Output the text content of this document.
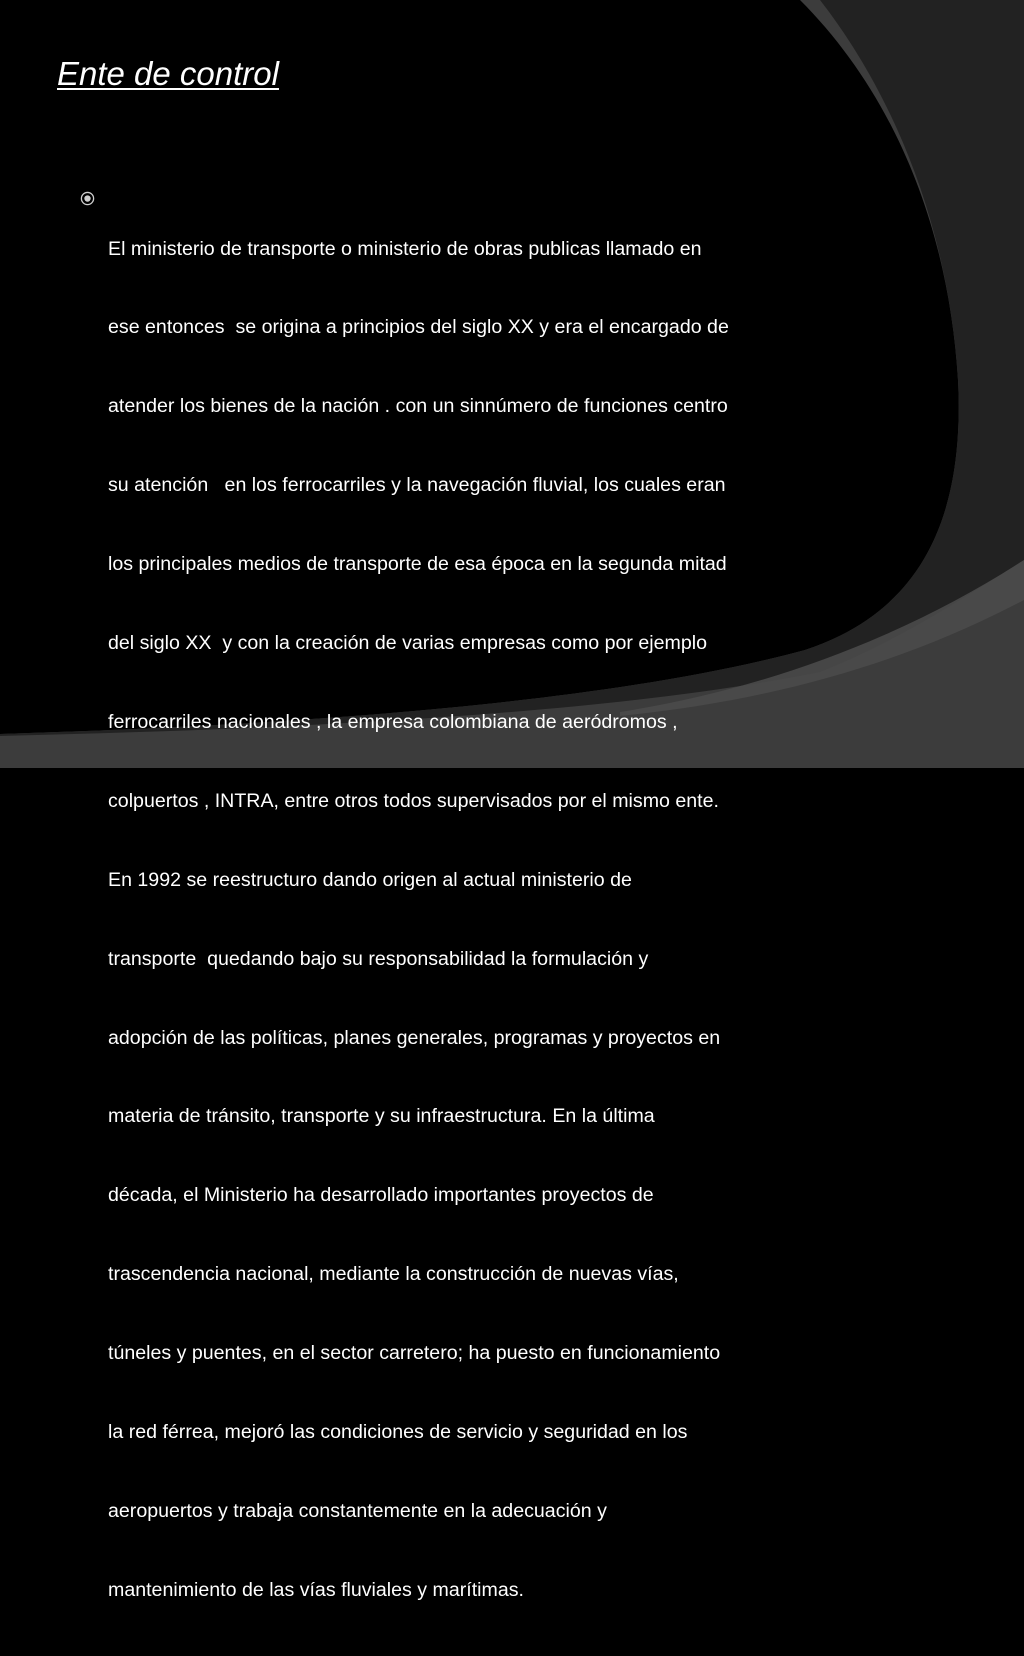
Ente de control

El ministerio de transporte o ministerio de obras publicas llamado en

ese entonces  se origina a principios del siglo XX y era el encargado de

atender los bienes de la nación . con un sinnúmero de funciones centro

su atención   en los ferrocarriles y la navegación fluvial, los cuales eran

los principales medios de transporte de esa época en la segunda mitad

del siglo XX  y con la creación de varias empresas como por ejemplo

ferrocarriles nacionales , la empresa colombiana de aeródromos ,

colpuertos , INTRA, entre otros todos supervisados por el mismo ente.

En 1992 se reestructuro dando origen al actual ministerio de

transporte  quedando bajo su responsabilidad la formulación y

adopción de las políticas, planes generales, programas y proyectos en

materia de tránsito, transporte y su infraestructura. En la última

década, el Ministerio ha desarrollado importantes proyectos de

trascendencia nacional, mediante la construcción de nuevas vías,

túneles y puentes, en el sector carretero; ha puesto en funcionamiento

la red férrea, mejoró las condiciones de servicio y seguridad en los

aeropuertos y trabaja constantemente en la adecuación y

mantenimiento de las vías fluviales y marítimas.
